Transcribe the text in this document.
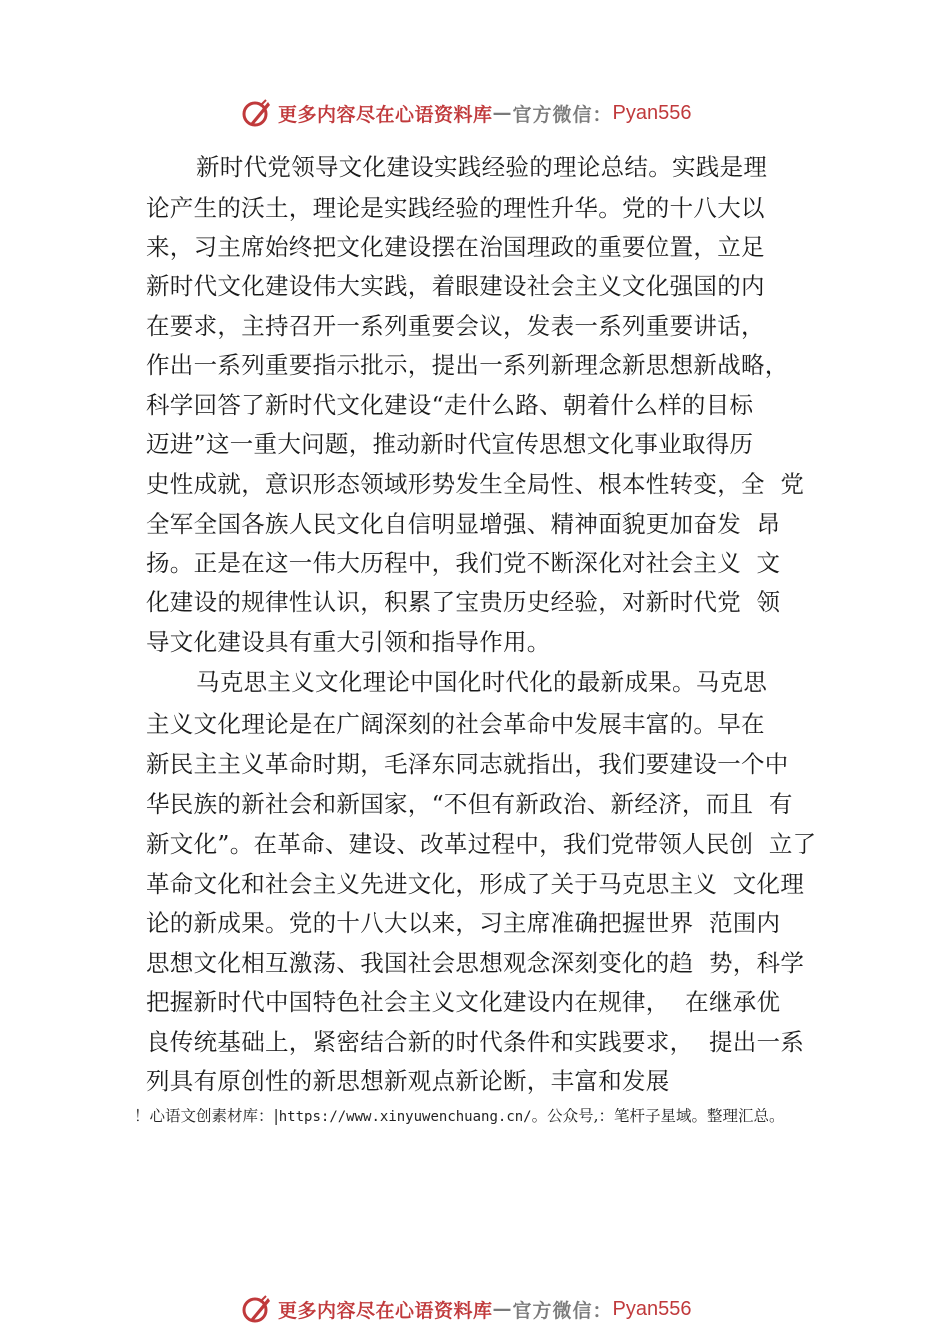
更多内容尽在心语资料库 — 官方微信： Pyan556
新时代党领导文化建设实践经验的理论总结。实践是理
论产生的沃土，理论是实践经验的理性升华。党的十八大以
来，习主席始终把文化建设摆在治国理政的重要位置，立足
新时代文化建设伟大实践，着眼建设社会主义文化强国的内
在要求，主持召开一系列重要会议，发表一系列重要讲话，
作出一系列重要指示批示，提出一系列新理念新思想新战略，
科学回答了新时代文化建设“走什么路、朝着什么样的目标
迈进”这一重大问题，推动新时代宣传思想文化事业取得历
史性成就，意识形态领域形势发生全局性、根本性转变，全  党
全军全国各族人民文化自信明显增强、精神面貌更加奋发  昂
扬。正是在这一伟大历程中，我们党不断深化对社会主义  文
化建设的规律性认识，积累了宝贵历史经验，对新时代党  领
导文化建设具有重大引领和指导作用。
马克思主义文化理论中国化时代化的最新成果。马克思
主义文化理论是在广阔深刻的社会革命中发展丰富的。早在
新民主主义革命时期，毛泽东同志就指出，我们要建设一个中
华民族的新社会和新国家，“不但有新政治、新经济，而且  有
新文化”。在革命、建设、改革过程中，我们党带领人民创  立了
革命文化和社会主义先进文化，形成了关于马克思主义  文化理
论的新成果。党的十八大以来，习主席准确把握世界  范围内
思想文化相互激荡、我国社会思想观念深刻变化的趋  势，科学
把握新时代中国特色社会主义文化建设内在规律，  在继承优
良传统基础上，紧密结合新的时代条件和实践要求，  提出一系
列具有原创性的新思想新观点新论断，丰富和发展
！心语文创素材库：|https://www.xinyuwenchuang.cn/。公众号,：笔杆子星域。整理汇总。
更多内容尽在心语资料库 — 官方微信： Pyan556
